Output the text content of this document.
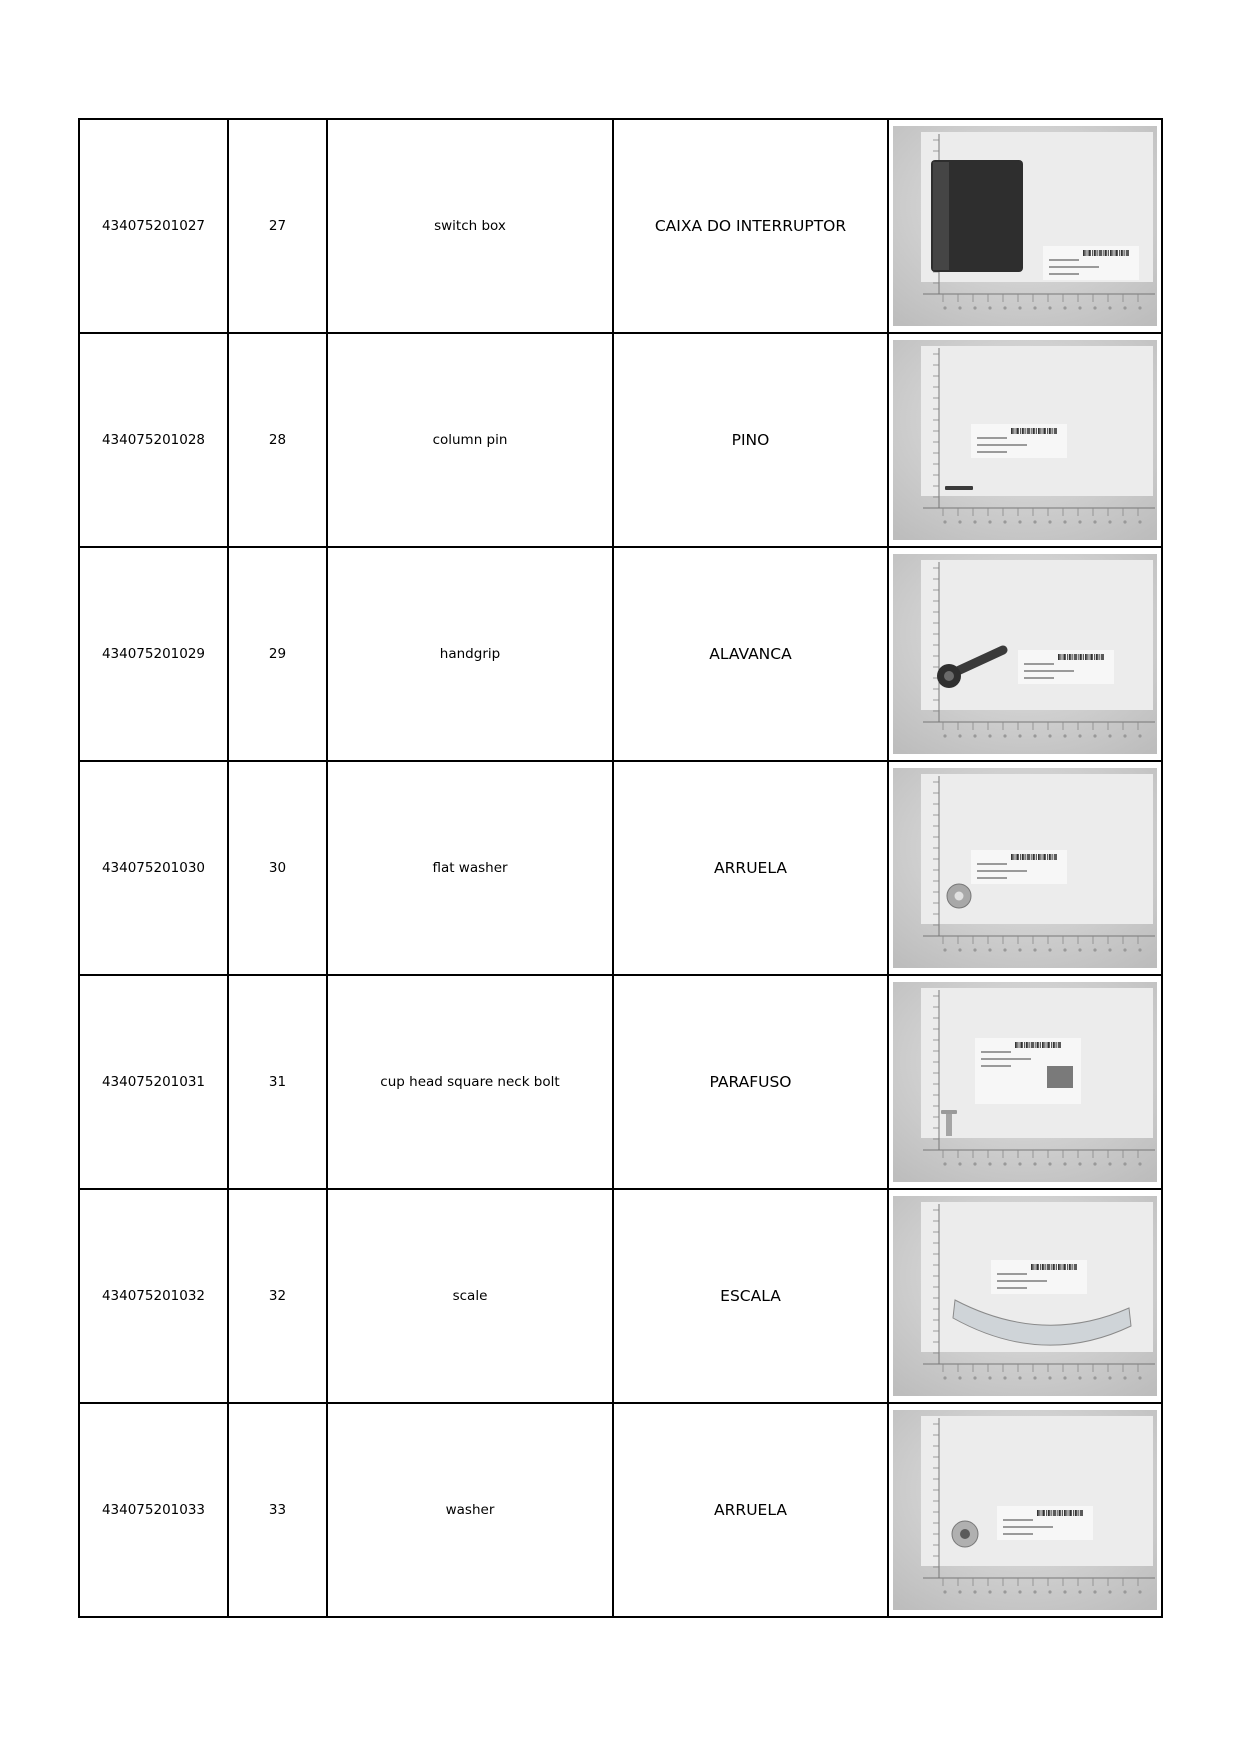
434075201027	27	switch box	CAIXA DO INTERRUPTOR	

434075201028	28	column pin	PINO	

434075201029	29	handgrip	ALAVANCA	

434075201030	30	flat washer	ARRUELA	

434075201031	31	cup head square neck bolt	PARAFUSO	

434075201032	32	scale	ESCALA	

434075201033	33	washer	ARRUELA	
